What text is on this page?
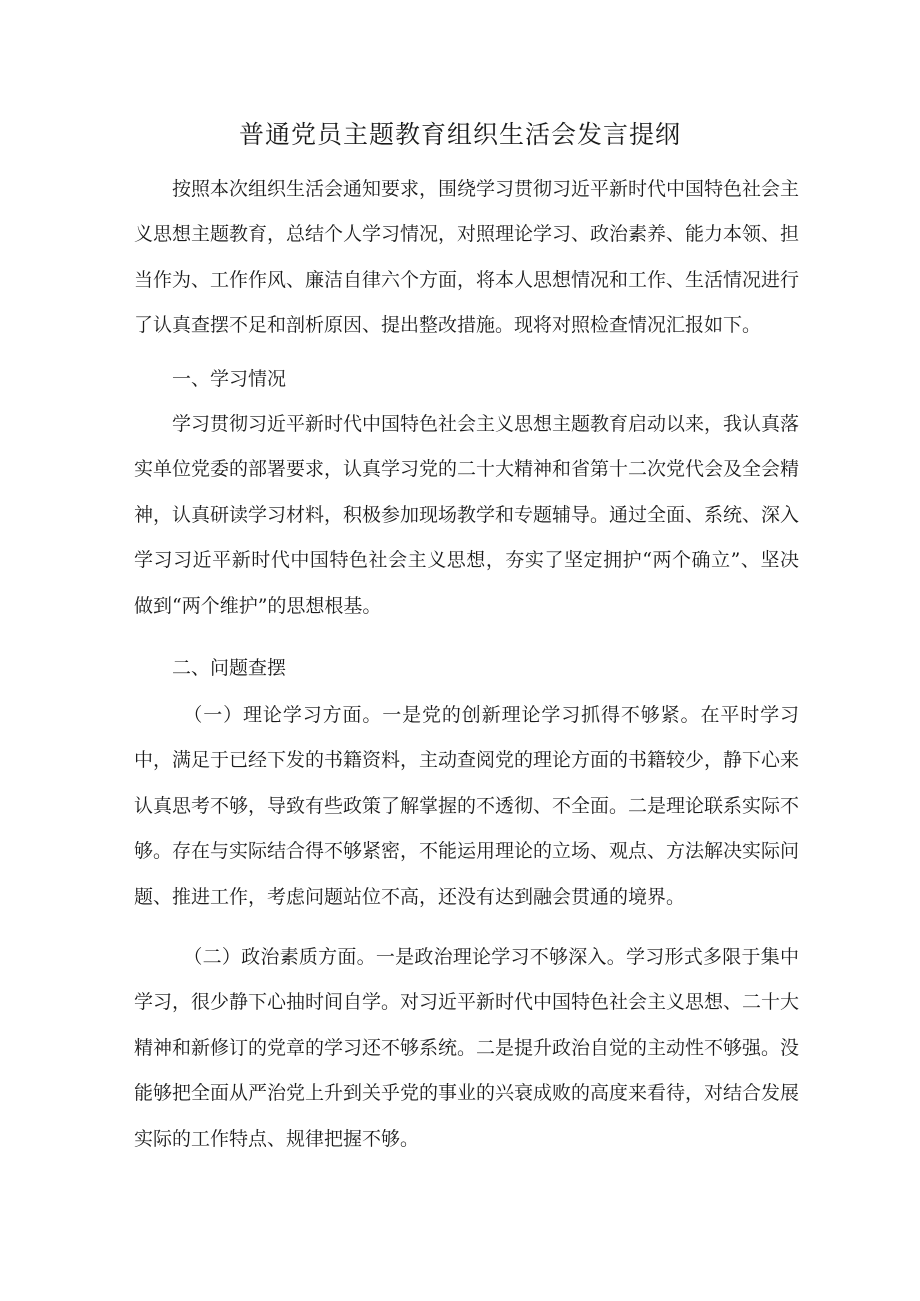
普通党员主题教育组织生活会发言提纲

按照本次组织生活会通知要求，围绕学习贯彻习近平新时代中国特色社会主义思想主题教育，总结个人学习情况，对照理论学习、政治素养、能力本领、担当作为、工作作风、廉洁自律六个方面，将本人思想情况和工作、生活情况进行了认真查摆不足和剖析原因、提出整改措施。现将对照检查情况汇报如下。

一、学习情况

学习贯彻习近平新时代中国特色社会主义思想主题教育启动以来，我认真落实单位党委的部署要求，认真学习党的二十大精神和省第十二次党代会及全会精神，认真研读学习材料，积极参加现场教学和专题辅导。通过全面、系统、深入学习习近平新时代中国特色社会主义思想，夯实了坚定拥护“两个确立”、坚决做到“两个维护”的思想根基。

二、问题查摆

（一）理论学习方面。一是党的创新理论学习抓得不够紧。在平时学习中，满足于已经下发的书籍资料，主动查阅党的理论方面的书籍较少，静下心来认真思考不够，导致有些政策了解掌握的不透彻、不全面。二是理论联系实际不够。存在与实际结合得不够紧密，不能运用理论的立场、观点、方法解决实际问题、推进工作，考虑问题站位不高，还没有达到融会贯通的境界。

（二）政治素质方面。一是政治理论学习不够深入。学习形式多限于集中学习，很少静下心抽时间自学。对习近平新时代中国特色社会主义思想、二十大精神和新修订的党章的学习还不够系统。二是提升政治自觉的主动性不够强。没能够把全面从严治党上升到关乎党的事业的兴衰成败的高度来看待，对结合发展实际的工作特点、规律把握不够。
